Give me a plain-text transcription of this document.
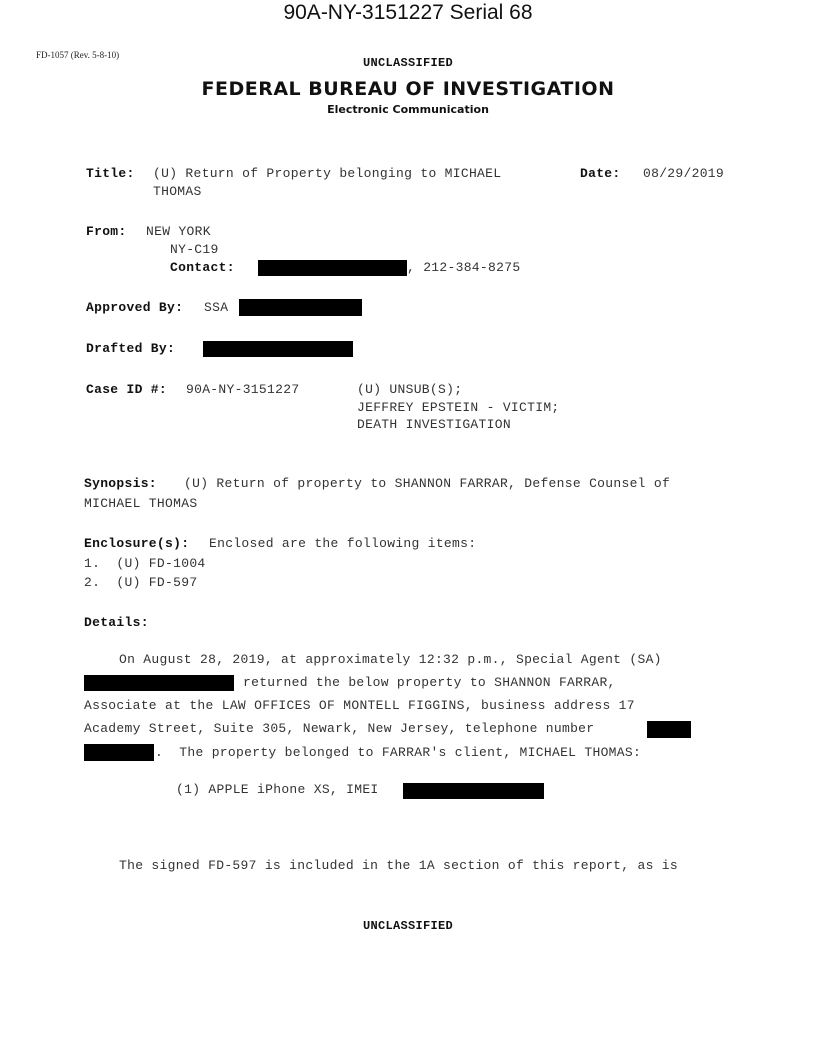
90A-NY-3151227 Serial 68
FD-1057 (Rev. 5-8-10)
UNCLASSIFIED
FEDERAL BUREAU OF INVESTIGATION
Electronic Communication
Title: (U) Return of Property belonging to MICHAEL
THOMAS
Date: 08/29/2019
From: NEW YORK
NY-C19
Contact:	, 212-384-8275
Approved By: SSA
Drafted By:
Case ID #: 90A-NY-3151227	(U) UNSUB(S);
JEFFREY EPSTEIN - VICTIM;
DEATH INVESTIGATION
Synopsis: (U) Return of property to SHANNON FARRAR, Defense Counsel of
MICHAEL THOMAS
Enclosure(s): Enclosed are the following items:
1.  (U) FD-1004
2.  (U) FD-597
Details:
On August 28, 2019, at approximately 12:32 p.m., Special Agent (SA)
returned the below property to SHANNON FARRAR,
Associate at the LAW OFFICES OF MONTELL FIGGINS, business address 17
Academy Street, Suite 305, Newark, New Jersey, telephone number
.  The property belonged to FARRAR's client, MICHAEL THOMAS:
(1) APPLE iPhone XS, IMEI
The signed FD-597 is included in the 1A section of this report, as is
UNCLASSIFIED
